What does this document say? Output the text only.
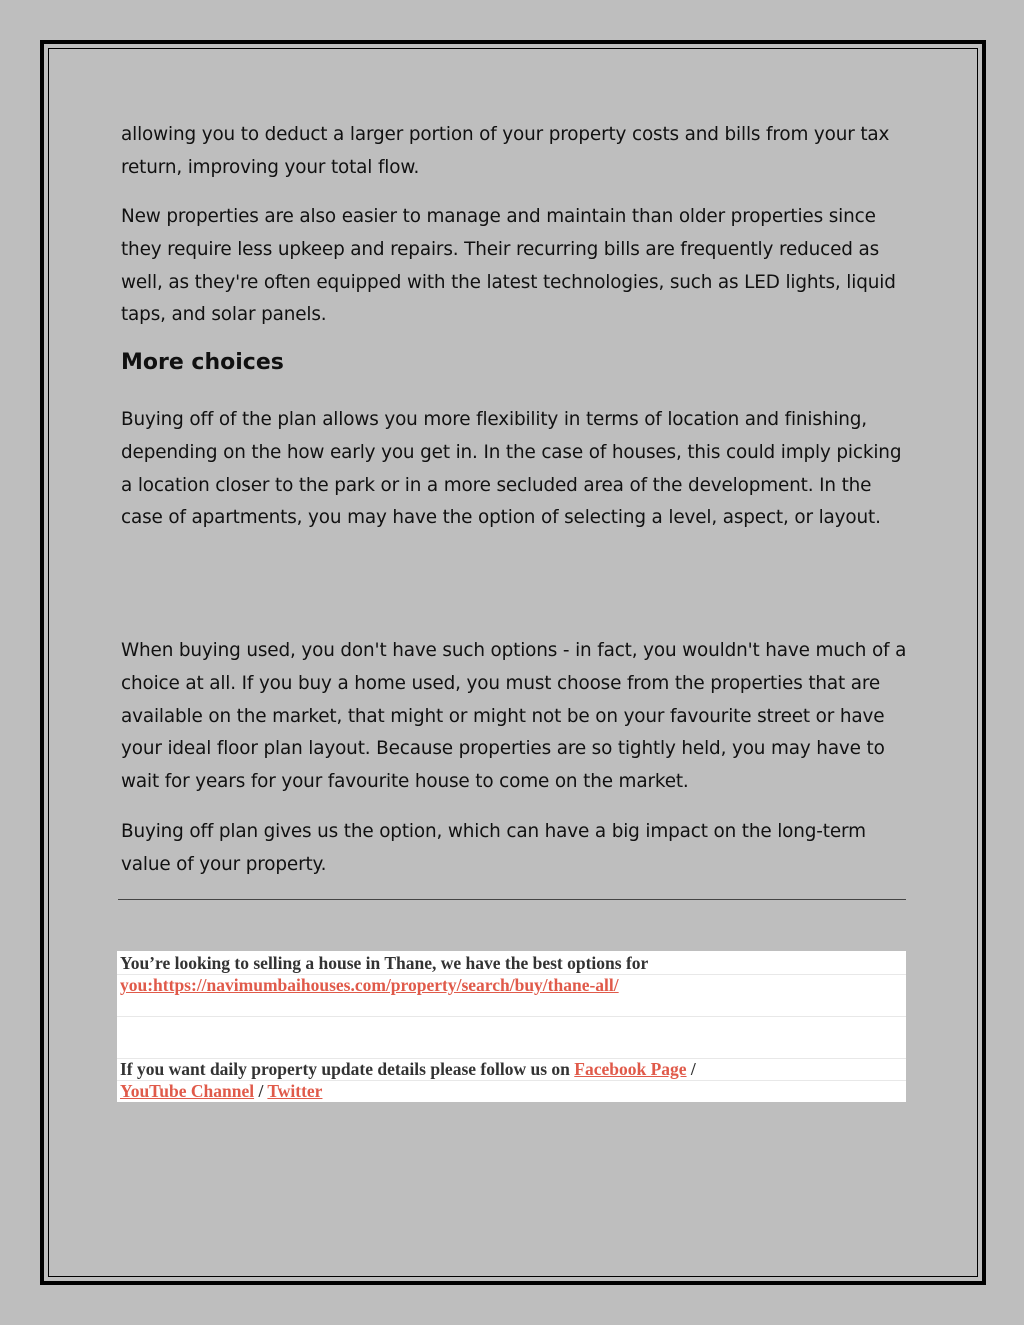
allowing you to deduct a larger portion of your property costs and bills from your tax return, improving your total flow.

New properties are also easier to manage and maintain than older properties since they require less upkeep and repairs. Their recurring bills are frequently reduced as well, as they're often equipped with the latest technologies, such as LED lights, liquid taps, and solar panels.

More choices

Buying off of the plan allows you more flexibility in terms of location and finishing, depending on the how early you get in. In the case of houses, this could imply picking a location closer to the park or in a more secluded area of the development. In the case of apartments, you may have the option of selecting a level, aspect, or layout.

When buying used, you don't have such options - in fact, you wouldn't have much of a choice at all. If you buy a home used, you must choose from the properties that are available on the market, that might or might not be on your favourite street or have your ideal floor plan layout. Because properties are so tightly held, you may have to wait for years for your favourite house to come on the market.

Buying off plan gives us the option, which can have a big impact on the long-term value of your property.

You’re looking to selling a house in Thane, we have the best options for you:https://navimumbaihouses.com/property/search/buy/thane-all/
If you want daily property update details please follow us on Facebook Page / YouTube Channel / Twitter
